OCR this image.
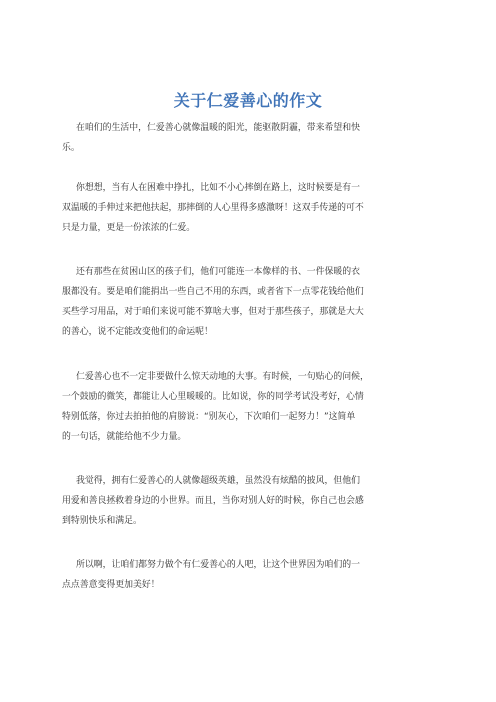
关于仁爱善心的作文
在咱们的生活中，仁爱善心就像温暖的阳光，能驱散阴霾，带来希望和快
乐。
你想想，当有人在困难中挣扎，比如不小心摔倒在路上，这时候要是有一
双温暖的手伸过来把他扶起，那摔倒的人心里得多感激呀！这双手传递的可不
只是力量，更是一份浓浓的仁爱。
还有那些在贫困山区的孩子们，他们可能连一本像样的书、一件保暖的衣
服都没有。要是咱们能捐出一些自己不用的东西，或者省下一点零花钱给他们
买些学习用品，对于咱们来说可能不算啥大事，但对于那些孩子，那就是大大
的善心，说不定能改变他们的命运呢！
仁爱善心也不一定非要做什么惊天动地的大事。有时候，一句贴心的问候，
一个鼓励的微笑，都能让人心里暖暖的。比如说，你的同学考试没考好，心情
特别低落，你过去拍拍他的肩膀说：“别灰心，下次咱们一起努力！”这简单
的一句话，就能给他不少力量。
我觉得，拥有仁爱善心的人就像超级英雄，虽然没有炫酷的披风，但他们
用爱和善良拯救着身边的小世界。而且，当你对别人好的时候，你自己也会感
到特别快乐和满足。
所以啊，让咱们都努力做个有仁爱善心的人吧，让这个世界因为咱们的一
点点善意变得更加美好！
